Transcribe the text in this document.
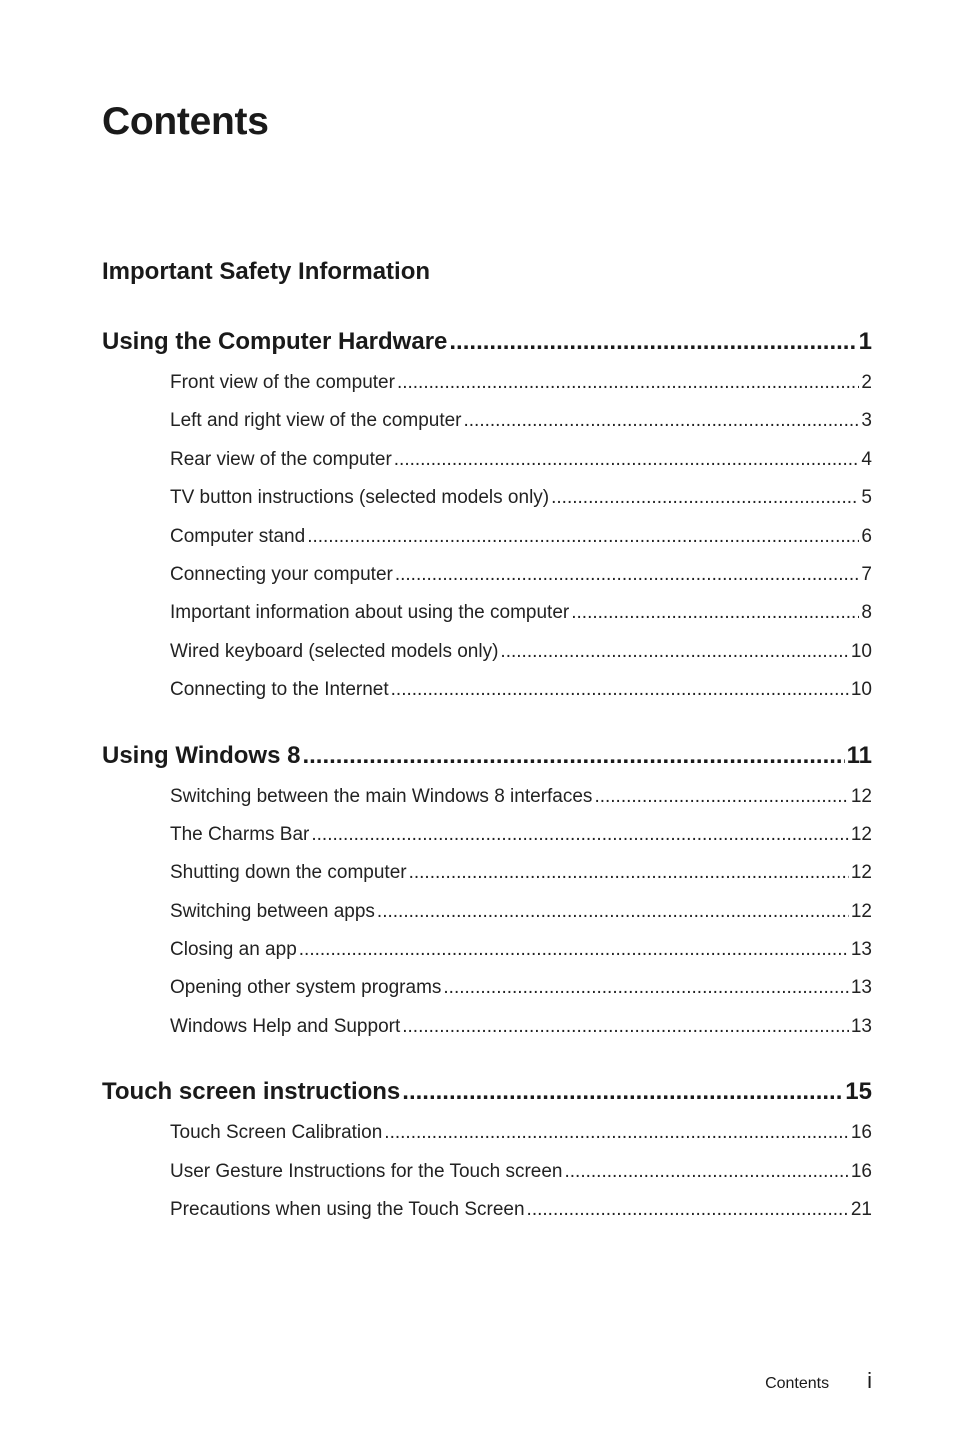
Contents
Important Safety Information
Using the Computer Hardware .....	1
Front view of the computer .....	2
Left and right view of the computer .....	3
Rear view of the computer .....	4
TV button instructions (selected models only) .....	5
Computer stand .....	6
Connecting your computer .....	7
Important information about using the computer .....	8
Wired keyboard (selected models only) .....	10
Connecting to the Internet .....	10
Using Windows 8 .....	11
Switching between the main Windows 8 interfaces .....	12
The Charms Bar .....	12
Shutting down the computer .....	12
Switching between apps .....	12
Closing an app .....	13
Opening other system programs .....	13
Windows Help and Support .....	13
Touch screen instructions .....	15
Touch Screen Calibration .....	16
User Gesture Instructions for the Touch screen .....	16
Precautions when using the Touch Screen .....	21
Contents i
